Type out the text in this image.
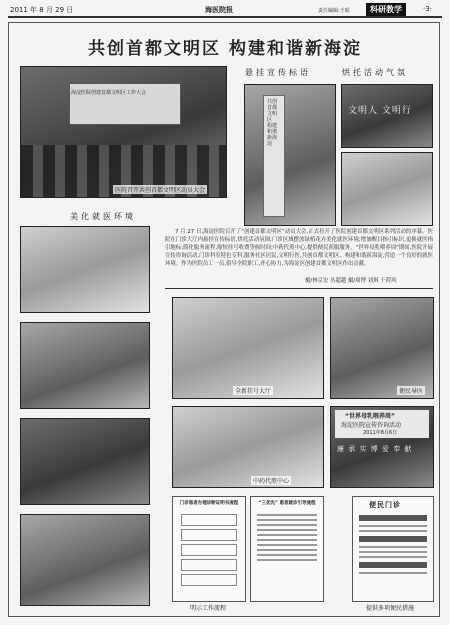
2011 年 8 月 29 日	海医院报	责任编辑:王昭	科研教学	·3·
共创首都文明区 构建和谐新海淀
海淀医院创建首都文明区工作大会
医院召开共创首都文明区动员大会
悬挂宣传标语	烘托活动气氛
共创首都文明区 构建和谐新海淀
文明人 文明行
美化就医环境
7 月 27 日,海淀医院召开了“创建首都文明区”动员大会,正式拉开了医院创建首都文明区系列活动的序幕。医院在门诊大厅内悬挂宣传标语,烘托活动氛围;门诊区域摆放绿植花卉美化就医环境;增加醒目指引标识,更换就医指引地标;简化服务流程,缩短挂号收费等候时间;中药代煎中心,提供便民煎服服务。“世界母乳喂养周”期间,医院开展宣传咨询活动,门诊科室特色专科,服务社区居民,文明行医,共创首都文明区、构建和谐新海淀,营造一个良好的就医环境。作为医院员工一员,倡导全院职工,齐心协力,为海淀区创建首都文明区作出贡献。
摄/林京宏 丛超越 摄/周博 刘琪 千荷风
全新挂号大厅	便民导医
中药代煎中心
“世界母乳喂养周”
海淀医院宣传咨询活动
2011年8月6日
廉 承 实 博 爱 奉 献
门诊患者办理诊断证明书流程	“三优先” 患者就诊引导流程	便民门诊
明示工作流程	提供多项便民措施
